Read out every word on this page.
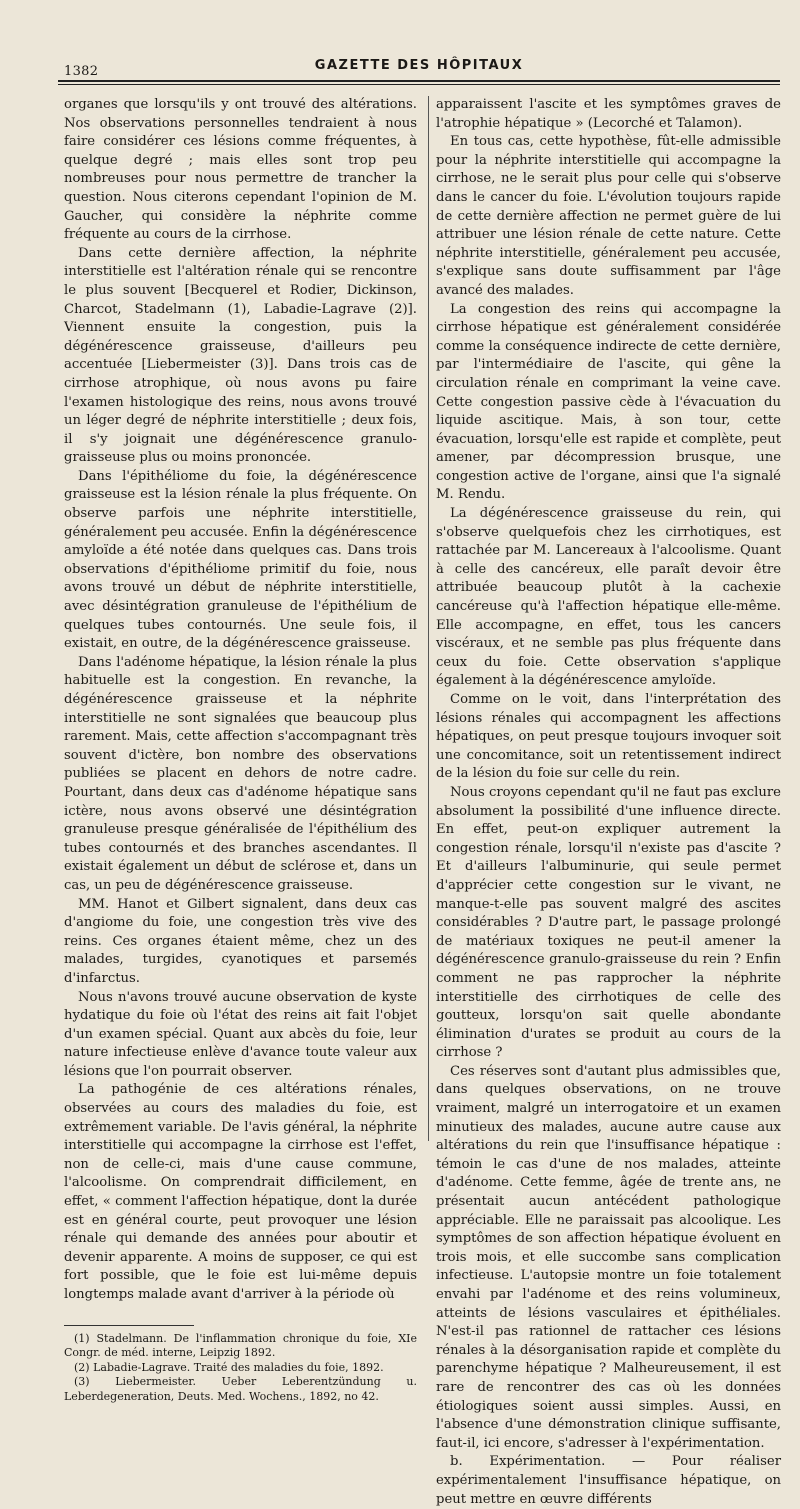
1382	GAZETTE DES HÔPITAUX

organes que lorsqu'ils y ont trouvé des altérations. Nos observations personnelles tendraient à nous faire considérer ces lésions comme fréquentes, à quelque degré ; mais elles sont trop peu nombreuses pour nous permettre de trancher la question. Nous citerons cependant l'opinion de M. Gaucher, qui considère la néphrite comme fréquente au cours de la cirrhose.

Dans cette dernière affection, la néphrite interstitielle est l'altération rénale qui se rencontre le plus souvent [Becquerel et Rodier, Dickinson, Charcot, Stadelmann (1), Labadie-Lagrave (2)]. Viennent ensuite la congestion, puis la dégénérescence graisseuse, d'ailleurs peu accentuée [Liebermeister (3)]. Dans trois cas de cirrhose atrophique, où nous avons pu faire l'examen histologique des reins, nous avons trouvé un léger degré de néphrite interstitielle ; deux fois, il s'y joignait une dégénérescence granulo-graisseuse plus ou moins prononcée.

Dans l'épithéliome du foie, la dégénérescence graisseuse est la lésion rénale la plus fréquente. On observe parfois une néphrite interstitielle, généralement peu accusée. Enfin la dégénérescence amyloïde a été notée dans quelques cas. Dans trois observations d'épithéliome primitif du foie, nous avons trouvé un début de néphrite interstitielle, avec désintégration granuleuse de l'épithélium de quelques tubes contournés. Une seule fois, il existait, en outre, de la dégénérescence graisseuse.

Dans l'adénome hépatique, la lésion rénale la plus habituelle est la congestion. En revanche, la dégénérescence graisseuse et la néphrite interstitielle ne sont signalées que beaucoup plus rarement. Mais, cette affection s'accompagnant très souvent d'ictère, bon nombre des observations publiées se placent en dehors de notre cadre. Pourtant, dans deux cas d'adénome hépatique sans ictère, nous avons observé une désintégration granuleuse presque généralisée de l'épithélium des tubes contournés et des branches ascendantes. Il existait également un début de sclérose et, dans un cas, un peu de dégénérescence graisseuse.

MM. Hanot et Gilbert signalent, dans deux cas d'angiome du foie, une congestion très vive des reins. Ces organes étaient même, chez un des malades, turgides, cyanotiques et parsemés d'infarctus.

Nous n'avons trouvé aucune observation de kyste hydatique du foie où l'état des reins ait fait l'objet d'un examen spécial. Quant aux abcès du foie, leur nature infectieuse enlève d'avance toute valeur aux lésions que l'on pourrait observer.

La pathogénie de ces altérations rénales, observées au cours des maladies du foie, est extrêmement variable. De l'avis général, la néphrite interstitielle qui accompagne la cirrhose est l'effet, non de celle-ci, mais d'une cause commune, l'alcoolisme. On comprendrait difficilement, en effet, « comment l'affection hépatique, dont la durée est en général courte, peut provoquer une lésion rénale qui demande des années pour aboutir et devenir apparente. A moins de supposer, ce qui est fort possible, que le foie est lui-même depuis longtemps malade avant d'arriver à la période où

(1) Stadelmann. De l'inflammation chronique du foie, XIe Congr. de méd. interne, Leipzig 1892.
(2) Labadie-Lagrave. Traité des maladies du foie, 1892.
(3) Liebermeister. Ueber Leberentzündung u. Leberdegeneration, Deuts. Med. Wochens., 1892, no 42.

apparaissent l'ascite et les symptômes graves de l'atrophie hépatique » (Lecorché et Talamon).

En tous cas, cette hypothèse, fût-elle admissible pour la néphrite interstitielle qui accompagne la cirrhose, ne le serait plus pour celle qui s'observe dans le cancer du foie. L'évolution toujours rapide de cette dernière affection ne permet guère de lui attribuer une lésion rénale de cette nature. Cette néphrite interstitielle, généralement peu accusée, s'explique sans doute suffisamment par l'âge avancé des malades.

La congestion des reins qui accompagne la cirrhose hépatique est généralement considérée comme la conséquence indirecte de cette dernière, par l'intermédiaire de l'ascite, qui gêne la circulation rénale en comprimant la veine cave. Cette congestion passive cède à l'évacuation du liquide ascitique. Mais, à son tour, cette évacuation, lorsqu'elle est rapide et complète, peut amener, par décompression brusque, une congestion active de l'organe, ainsi que l'a signalé M. Rendu.

La dégénérescence graisseuse du rein, qui s'observe quelquefois chez les cirrhotiques, est rattachée par M. Lancereaux à l'alcoolisme. Quant à celle des cancéreux, elle paraît devoir être attribuée beaucoup plutôt à la cachexie cancéreuse qu'à l'affection hépatique elle-même. Elle accompagne, en effet, tous les cancers viscéraux, et ne semble pas plus fréquente dans ceux du foie. Cette observation s'applique également à la dégénérescence amyloïde.

Comme on le voit, dans l'interprétation des lésions rénales qui accompagnent les affections hépatiques, on peut presque toujours invoquer soit une concomitance, soit un retentissement indirect de la lésion du foie sur celle du rein.

Nous croyons cependant qu'il ne faut pas exclure absolument la possibilité d'une influence directe. En effet, peut-on expliquer autrement la congestion rénale, lorsqu'il n'existe pas d'ascite ? Et d'ailleurs l'albuminurie, qui seule permet d'apprécier cette congestion sur le vivant, ne manque-t-elle pas souvent malgré des ascites considérables ? D'autre part, le passage prolongé de matériaux toxiques ne peut-il amener la dégénérescence granulo-graisseuse du rein ? Enfin comment ne pas rapprocher la néphrite interstitielle des cirrhotiques de celle des goutteux, lorsqu'on sait quelle abondante élimination d'urates se produit au cours de la cirrhose ?

Ces réserves sont d'autant plus admissibles que, dans quelques observations, on ne trouve vraiment, malgré un interrogatoire et un examen minutieux des malades, aucune autre cause aux altérations du rein que l'insuffisance hépatique : témoin le cas d'une de nos malades, atteinte d'adénome. Cette femme, âgée de trente ans, ne présentait aucun antécédent pathologique appréciable. Elle ne paraissait pas alcoolique. Les symptômes de son affection hépatique évoluent en trois mois, et elle succombe sans complication infectieuse. L'autopsie montre un foie totalement envahi par l'adénome et des reins volumineux, atteints de lésions vasculaires et épithéliales. N'est-il pas rationnel de rattacher ces lésions rénales à la désorganisation rapide et complète du parenchyme hépatique ? Malheureusement, il est rare de rencontrer des cas où les données étiologiques soient aussi simples. Aussi, en l'absence d'une démonstration clinique suffisante, faut-il, ici encore, s'adresser à l'expérimentation.

b. Expérimentation. — Pour réaliser expérimentalement l'insuffisance hépatique, on peut mettre en œuvre différents
